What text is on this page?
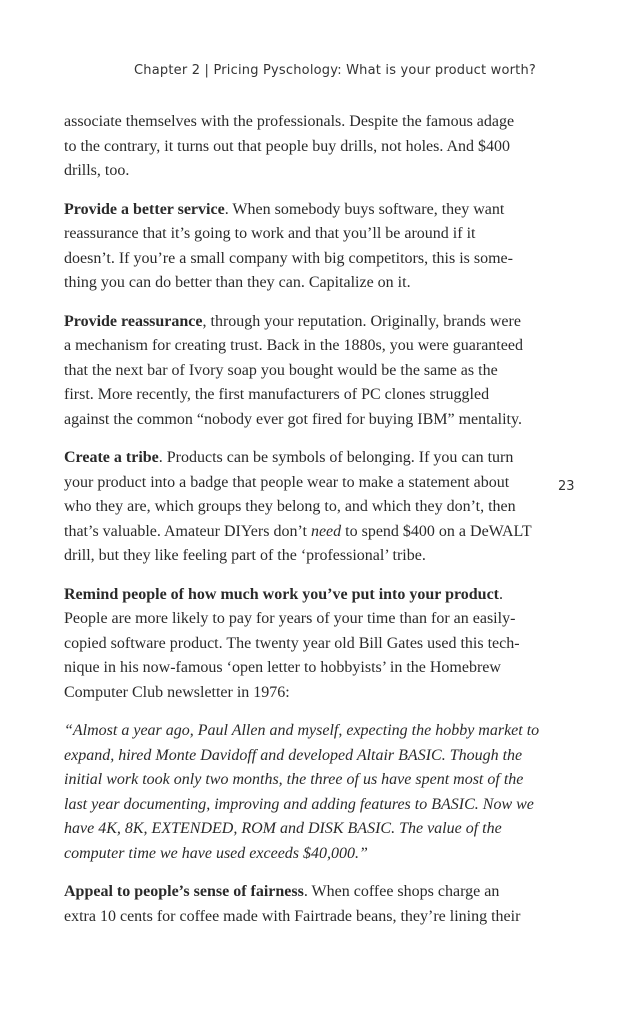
Chapter 2 | Pricing Pyschology: What is your product worth?
23

associate themselves with the professionals. Despite the famous adage
to the contrary, it turns out that people buy drills, not holes. And $400
drills, too.

Provide a better service. When somebody buys software, they want
reassurance that it’s going to work and that you’ll be around if it
doesn’t. If you’re a small company with big competitors, this is some-
thing you can do better than they can. Capitalize on it.

Provide reassurance, through your reputation. Originally, brands were
a mechanism for creating trust. Back in the 1880s, you were guaranteed
that the next bar of Ivory soap you bought would be the same as the
first. More recently, the first manufacturers of PC clones struggled
against the common “nobody ever got fired for buying IBM” mentality.

Create a tribe. Products can be symbols of belonging. If you can turn
your product into a badge that people wear to make a statement about
who they are, which groups they belong to, and which they don’t, then
that’s valuable. Amateur DIYers don’t need to spend $400 on a DeWALT
drill, but they like feeling part of the ‘professional’ tribe.

Remind people of how much work you’ve put into your product.
People are more likely to pay for years of your time than for an easily-
copied software product. The twenty year old Bill Gates used this tech-
nique in his now-famous ‘open letter to hobbyists’ in the Homebrew
Computer Club newsletter in 1976:

“Almost a year ago, Paul Allen and myself, expecting the hobby market to
expand, hired Monte Davidoff and developed Altair BASIC. Though the
initial work took only two months, the three of us have spent most of the
last year documenting, improving and adding features to BASIC. Now we
have 4K, 8K, EXTENDED, ROM and DISK BASIC. The value of the
computer time we have used exceeds $40,000.”

Appeal to people’s sense of fairness. When coffee shops charge an
extra 10 cents for coffee made with Fairtrade beans, they’re lining their
